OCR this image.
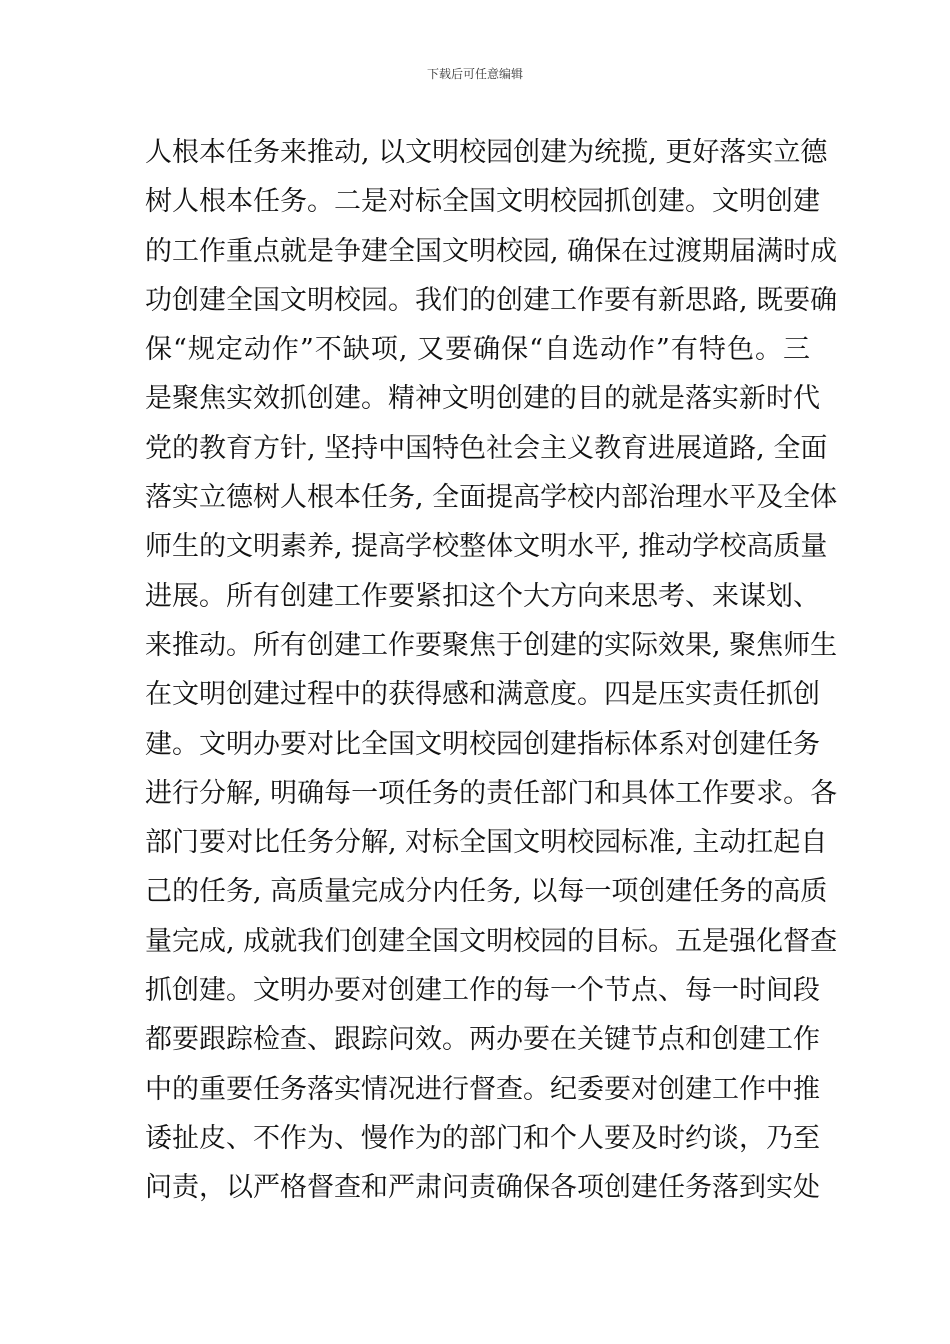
下载后可任意编辑
人根本任务来推动, 以文明校园创建为统揽, 更好落实立德
树人根本任务。二是对标全国文明校园抓创建。文明创建
的工作重点就是争建全国文明校园, 确保在过渡期届满时成
功创建全国文明校园。我们的创建工作要有新思路, 既要确
保“规定动作”不缺项, 又要确保“自选动作”有特色。三
是聚焦实效抓创建。精神文明创建的目的就是落实新时代
党的教育方针, 坚持中国特色社会主义教育进展道路, 全面
落实立德树人根本任务, 全面提高学校内部治理水平及全体
师生的文明素养, 提高学校整体文明水平, 推动学校高质量
进展。所有创建工作要紧扣这个大方向来思考、来谋划、
来推动。所有创建工作要聚焦于创建的实际效果, 聚焦师生
在文明创建过程中的获得感和满意度。四是压实责任抓创
建。文明办要对比全国文明校园创建指标体系对创建任务
进行分解, 明确每一项任务的责任部门和具体工作要求。各
部门要对比任务分解, 对标全国文明校园标准, 主动扛起自
己的任务, 高质量完成分内任务, 以每一项创建任务的高质
量完成, 成就我们创建全国文明校园的目标。五是强化督查
抓创建。文明办要对创建工作的每一个节点、每一时间段
都要跟踪检查、跟踪问效。两办要在关键节点和创建工作
中的重要任务落实情况进行督查。纪委要对创建工作中推
诿扯皮、不作为、慢作为的部门和个人要及时约谈，乃至
问责，以严格督查和严肃问责确保各项创建任务落到实处
